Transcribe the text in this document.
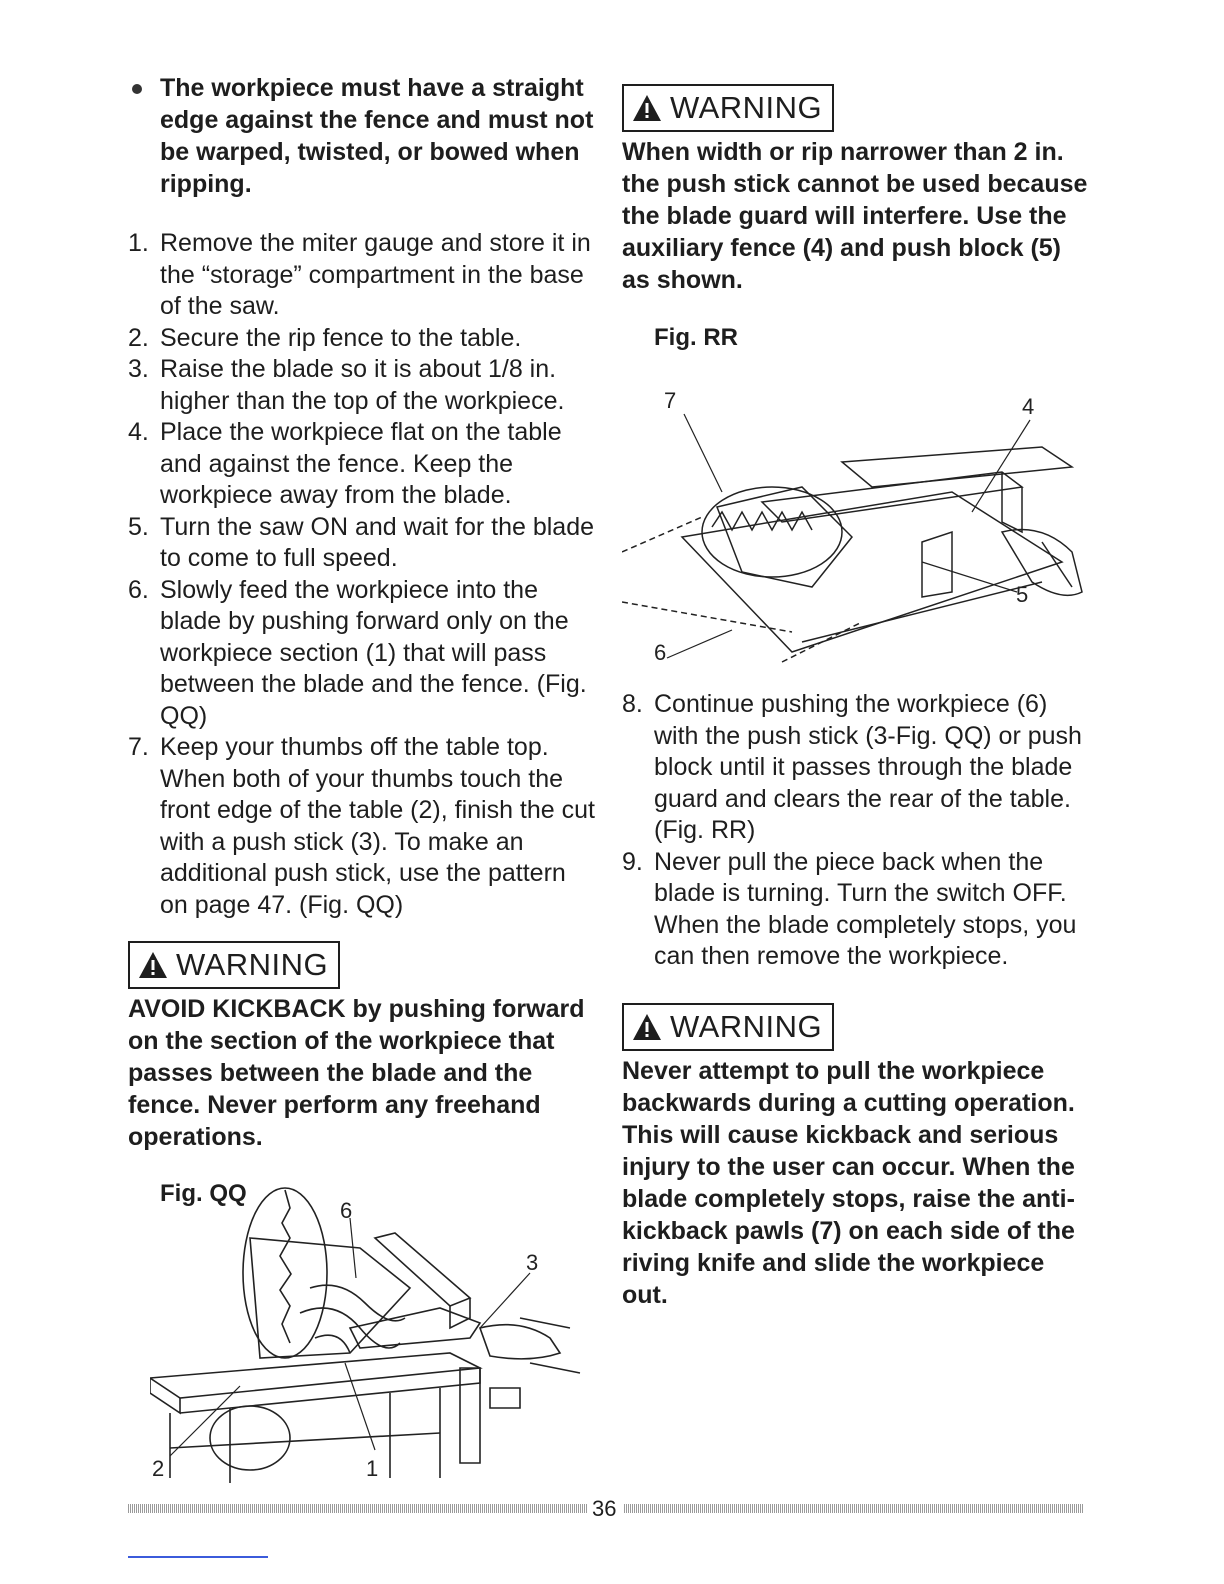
The workpiece must have a straight edge against the fence and must not be warped, twisted, or bowed when ripping.

1. Remove the miter gauge and store it in the “storage” compartment in the base of the saw.
2. Secure the rip fence to the table.
3. Raise the blade so it is about 1/8 in. higher than the top of the workpiece.
4. Place the workpiece flat on the table and against the fence. Keep the workpiece away from the blade.
5. Turn the saw ON and wait for the blade to come to full speed.
6. Slowly feed the workpiece into the blade by pushing forward only on the workpiece section (1) that will pass between the blade and the fence. (Fig. QQ)
7. Keep your thumbs off the table top. When both of your thumbs touch the front edge of the table (2), finish the cut with a push stick (3). To make an additional push stick, use the pattern on page 47. (Fig. QQ)
WARNING

AVOID KICKBACK by pushing forward on the section of the workpiece that passes between the blade and the fence. Never perform any freehand operations.

Fig. QQ

6
3
2	1
WARNING

When width or rip narrower than 2 in. the push stick cannot be used because the blade guard will interfere. Use the auxiliary fence (4) and push block (5) as shown.

Fig. RR

7	4
5
6
8. Continue pushing the workpiece (6) with the push stick (3-Fig. QQ) or push block until it passes through the blade guard and clears the rear of the table. (Fig. RR)
9. Never pull the piece back when the blade is turning. Turn the switch OFF. When the blade completely stops, you can then remove the workpiece.
WARNING

Never attempt to pull the workpiece backwards during a cutting operation. This will cause kickback and serious injury to the user can occur. When the blade completely stops, raise the anti-kickback pawls (7) on each side of the riving knife and slide the workpiece out.

36
